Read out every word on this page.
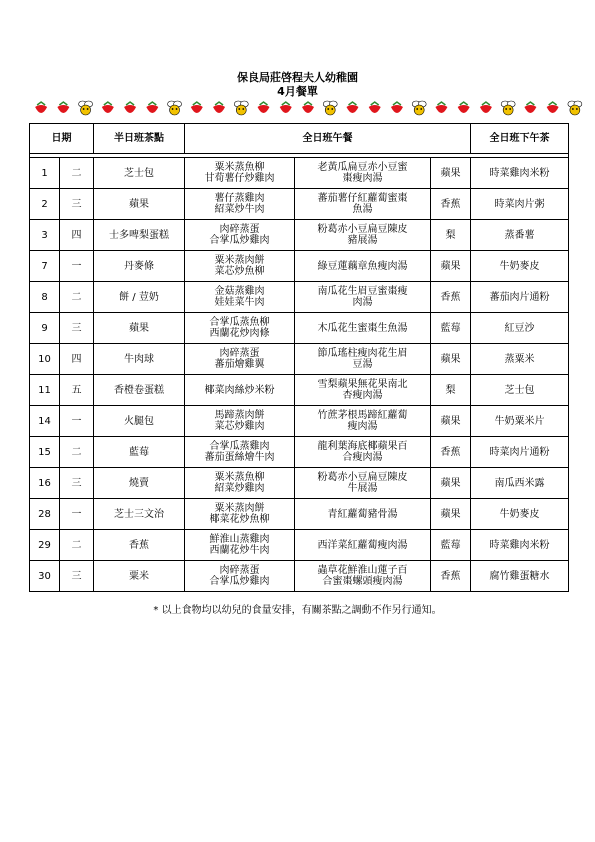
保良局莊啓程夫人幼稚園
4月餐單
日期		半日班茶點	全日班午餐			全日班下午茶

1	二	芝士包	粟米蒸魚柳
甘荀薯仔炒雞肉	老黃瓜扁豆赤小豆蜜
棗瘦肉湯	蘋果	時菜雞肉米粉
2	三	蘋果	薯仔蒸雞肉
紹菜炒牛肉	蕃茄薯仔紅蘿蔔蜜棗
魚湯	香蕉	時菜肉片粥
3	四	士多啤梨蛋糕	肉碎蒸蛋
合掌瓜炒雞肉	粉葛赤小豆扁豆陳皮
豬展湯	梨	蒸番薯
7	一	丹麥條	粟米蒸肉餅
菜芯炒魚柳	綠豆蓮藕章魚瘦肉湯	蘋果	牛奶麥皮
8	二	餅 / 荳奶	金菇蒸雞肉
娃娃菜牛肉	南瓜花生眉豆蜜棗瘦
肉湯	香蕉	蕃茄肉片通粉
9	三	蘋果	合掌瓜蒸魚柳
西蘭花炒肉條	木瓜花生蜜棗生魚湯	藍莓	紅豆沙
10	四	牛肉球	肉碎蒸蛋
蕃茄燴雞翼	節瓜瑤柱瘦肉花生眉
豆湯	蘋果	蒸粟米
11	五	香橙卷蛋糕	椰菜肉絲炒米粉	雪梨蘋果無花果南北
杏瘦肉湯	梨	芝士包
14	一	火腿包	馬蹄蒸肉餅
菜芯炒雞肉	竹蔗茅根馬蹄紅蘿蔔
瘦肉湯	蘋果	牛奶粟米片
15	二	藍莓	合掌瓜蒸雞肉
蕃茄蛋絲燴牛肉	龍利葉海底椰蘋果百
合瘦肉湯	香蕉	時菜肉片通粉
16	三	燒賣	粟米蒸魚柳
紹菜炒雞肉	粉葛赤小豆扁豆陳皮
牛展湯	蘋果	南瓜西米露
28	一	芝士三文治	粟米蒸肉餅
椰菜花炒魚柳	青紅蘿蔔豬骨湯	蘋果	牛奶麥皮
29	二	香蕉	鮮淮山蒸雞肉
西蘭花炒牛肉	西洋菜紅蘿蔔瘦肉湯	藍莓	時菜雞肉米粉
30	三	粟米	肉碎蒸蛋
合掌瓜炒雞肉	蟲草花鮮淮山蓮子百
合蜜棗螺頭瘦肉湯	香蕉	腐竹雞蛋糖水
* 以上食物均以幼兒的食量安排，有關茶點之調動不作另行通知。
